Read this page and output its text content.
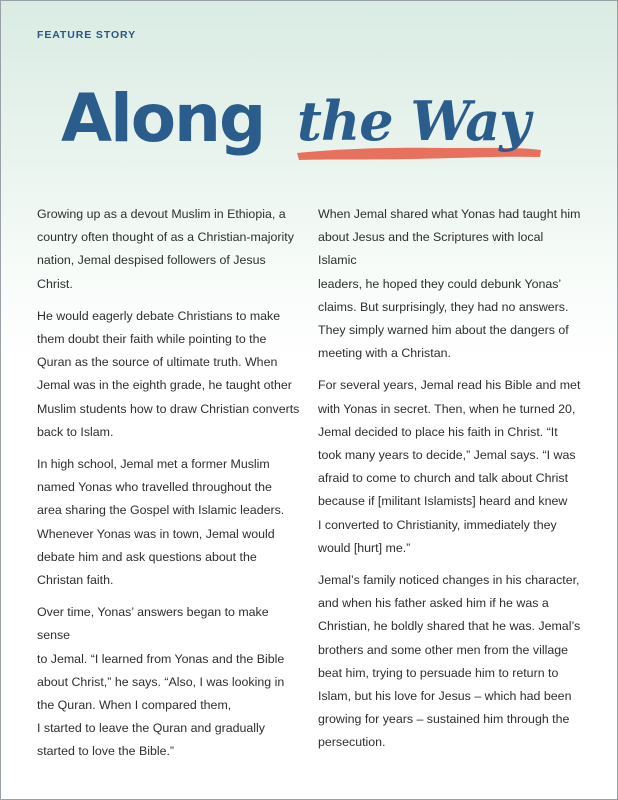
FEATURE STORY
Along the Way

Growing up as a devout Muslim in Ethiopia, a
country often thought of as a Christian-majority
nation, Jemal despised followers of Jesus Christ.

He would eagerly debate Christians to make
them doubt their faith while pointing to the
Quran as the source of ultimate truth. When
Jemal was in the eighth grade, he taught other
Muslim students how to draw Christian converts
back to Islam.

In high school, Jemal met a former Muslim
named Yonas who travelled throughout the
area sharing the Gospel with Islamic leaders.
Whenever Yonas was in town, Jemal would
debate him and ask questions about the
Christan faith.

Over time, Yonas’ answers began to make sense
to Jemal. “I learned from Yonas and the Bible
about Christ,” he says. “Also, I was looking in
the Quran. When I compared them,
I started to leave the Quran and gradually
started to love the Bible.”

When Jemal shared what Yonas had taught him
about Jesus and the Scriptures with local Islamic
leaders, he hoped they could debunk Yonas’
claims. But surprisingly, they had no answers.
They simply warned him about the dangers of
meeting with a Christan.

For several years, Jemal read his Bible and met
with Yonas in secret. Then, when he turned 20,
Jemal decided to place his faith in Christ. “It
took many years to decide,” Jemal says. “I was
afraid to come to church and talk about Christ
because if [militant Islamists] heard and knew
I converted to Christianity, immediately they
would [hurt] me.”

Jemal’s family noticed changes in his character,
and when his father asked him if he was a
Christian, he boldly shared that he was. Jemal’s
brothers and some other men from the village
beat him, trying to persuade him to return to
Islam, but his love for Jesus – which had been
growing for years – sustained him through the
persecution.
